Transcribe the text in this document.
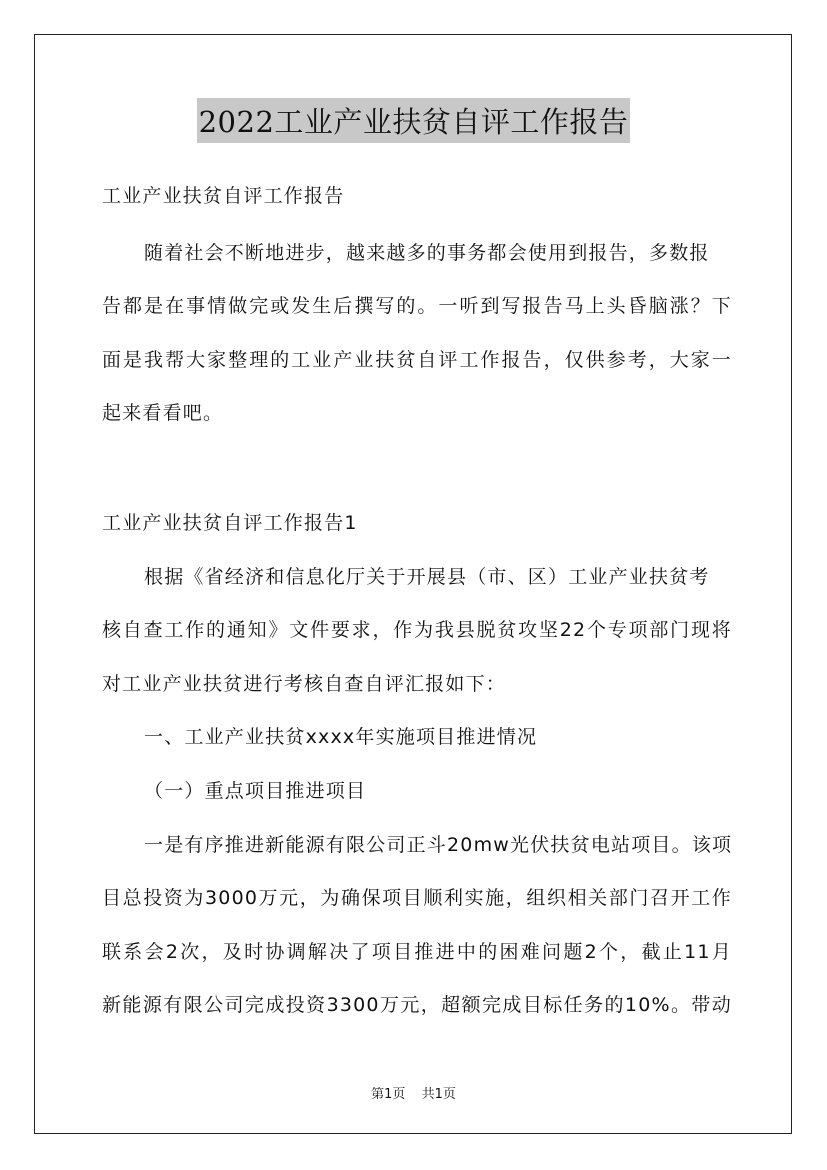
2022工业产业扶贫自评工作报告
工业产业扶贫自评工作报告
随着社会不断地进步，越来越多的事务都会使用到报告，多数报
告都是在事情做完或发生后撰写的。一听到写报告马上头昏脑涨？下
面是我帮大家整理的工业产业扶贫自评工作报告，仅供参考，大家一
起来看看吧。
工业产业扶贫自评工作报告1
根据《省经济和信息化厅关于开展县（市、区）工业产业扶贫考
核自查工作的通知》文件要求，作为我县脱贫攻坚22个专项部门现将
对工业产业扶贫进行考核自查自评汇报如下：
一、工业产业扶贫xxxx年实施项目推进情况
（一）重点项目推进项目
一是有序推进新能源有限公司正斗20mw光伏扶贫电站项目。该项
目总投资为3000万元，为确保项目顺利实施，组织相关部门召开工作
联系会2次，及时协调解决了项目推进中的困难问题2个，截止11月
新能源有限公司完成投资3300万元，超额完成目标任务的10%。带动
第1页 共1页
